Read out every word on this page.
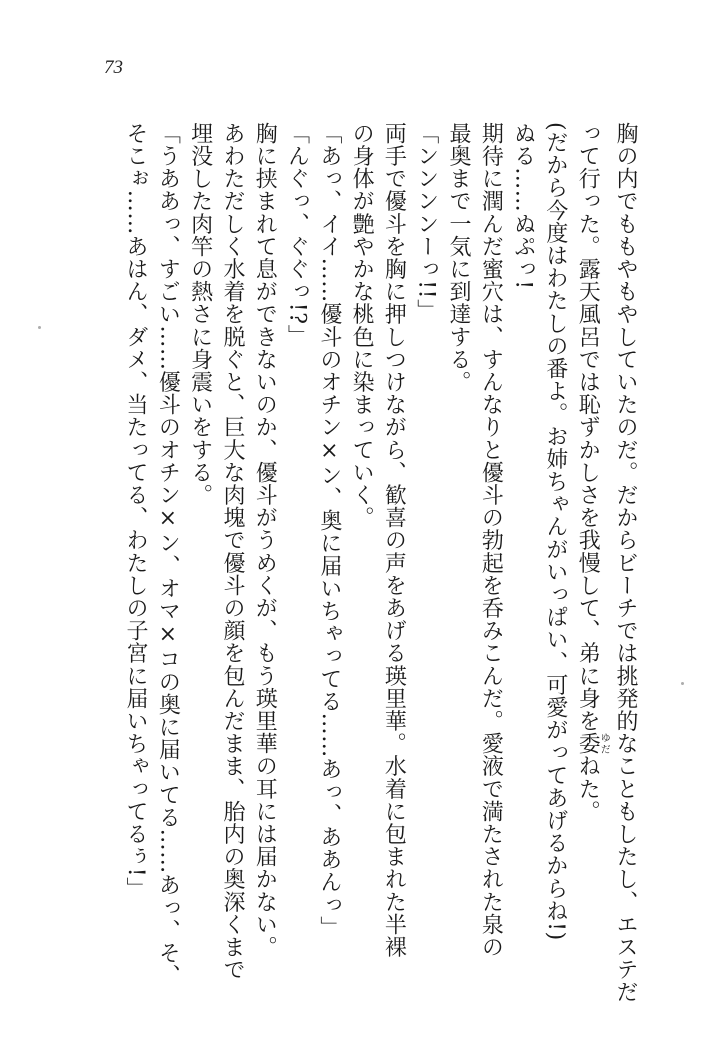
73
胸の内でももやもやしていたのだ。だからビーチでは挑発的なこともしたし、エステだ
って行った。露天風呂では恥ずかしさを我慢して、弟に身を委ゆだねた。
(だから今度はわたしの番よ。お姉ちゃんがいっぱい、可愛がってあげるからね!)
ぬる……ぬぷっ!
期待に潤んだ蜜穴は、すんなりと優斗の勃起を呑みこんだ。愛液で満たされた泉の
最奥まで一気に到達する。
「ンンンンーっ!!」
両手で優斗を胸に押しつけながら、歓喜の声をあげる瑛里華。水着に包まれた半裸
の身体が艶やかな桃色に染まっていく。
「あっ、イイ……優斗のオチン×ン、奥に届いちゃってる……あっ、ああんっ」
「んぐっ、ぐぐっ!?」
胸に挟まれて息ができないのか、優斗がうめくが、もう瑛里華の耳には届かない。
あわただしく水着を脱ぐと、巨大な肉塊で優斗の顔を包んだまま、胎内の奥深くまで
埋没した肉竿の熱さに身震いをする。
「うああっ、すごい……優斗のオチン×ン、オマ×コの奥に届いてる……あっ、そ、
そこぉ……あはん、ダメ、当たってる、わたしの子宮に届いちゃってるぅ!」
